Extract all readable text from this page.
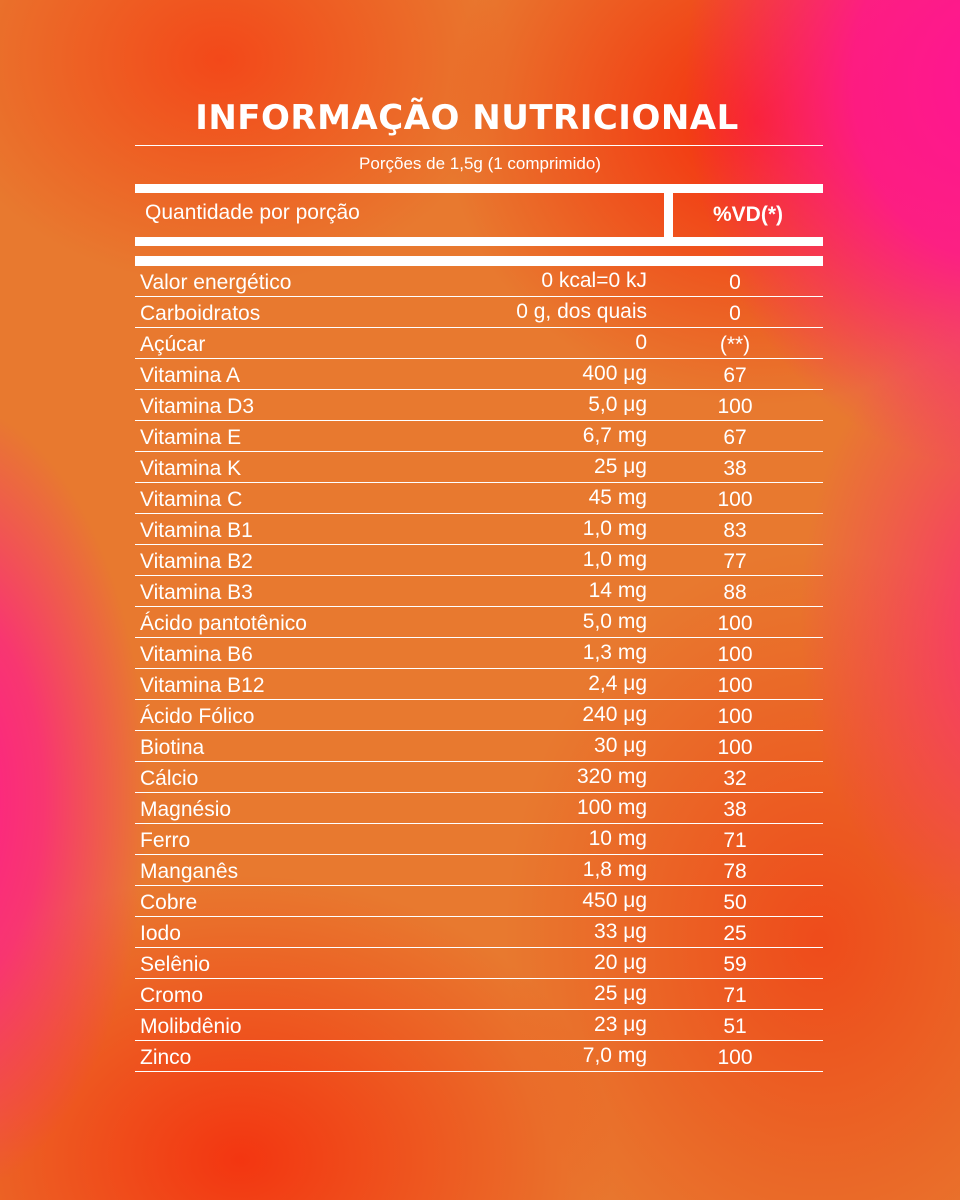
INFORMAÇÃO NUTRICIONAL
Porções de 1,5g (1 comprimido)
Quantidade por porção	%VD(*)
Valor energético	0 kcal=0 kJ	0
Carboidratos	0 g, dos quais	0
Açúcar	0	(**)
Vitamina A	400 μg	67
Vitamina D3	5,0 μg	100
Vitamina E	6,7 mg	67
Vitamina K	25 μg	38
Vitamina C	45 mg	100
Vitamina B1	1,0 mg	83
Vitamina B2	1,0 mg	77
Vitamina B3	14 mg	88
Ácido pantotênico	5,0 mg	100
Vitamina B6	1,3 mg	100
Vitamina B12	2,4 μg	100
Ácido Fólico	240 μg	100
Biotina	30 μg	100
Cálcio	320 mg	32
Magnésio	100 mg	38
Ferro	10 mg	71
Manganês	1,8 mg	78
Cobre	450 μg	50
Iodo	33 μg	25
Selênio	20 μg	59
Cromo	25 μg	71
Molibdênio	23 μg	51
Zinco	7,0 mg	100
